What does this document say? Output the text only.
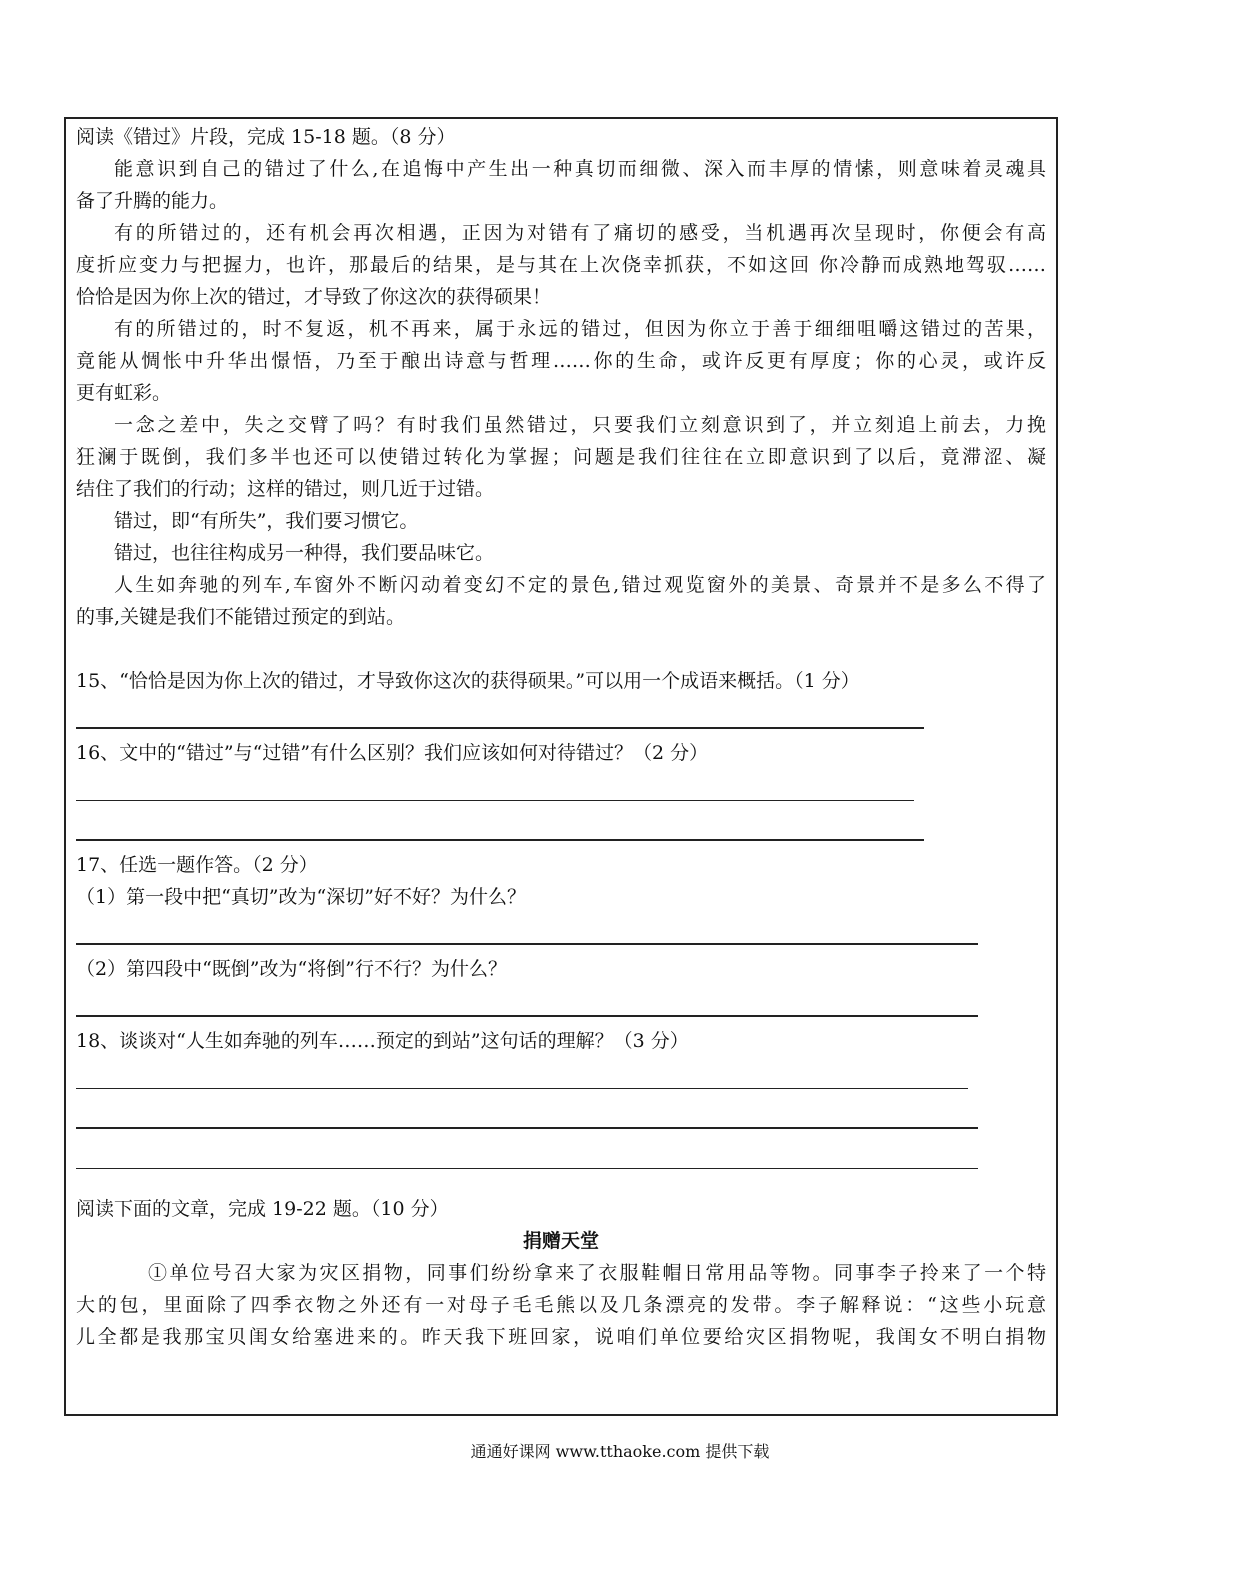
阅读《错过》片段，完成 15-18 题。（8 分）
能意识到自己的错过了什么,在追悔中产生出一种真切而细微、深入而丰厚的情愫，则意味着灵魂具
备了升腾的能力。
有的所错过的，还有机会再次相遇，正因为对错有了痛切的感受，当机遇再次呈现时，你便会有高
度折应变力与把握力，也许，那最后的结果，是与其在上次侥幸抓获，不如这回 你冷静而成熟地驾驭……
恰恰是因为你上次的错过，才导致了你这次的获得硕果！
有的所错过的，时不复返，机不再来，属于永远的错过，但因为你立于善于细细咀嚼这错过的苦果，
竟能从惆怅中升华出憬悟，乃至于酿出诗意与哲理……你的生命，或许反更有厚度；你的心灵，或许反
更有虹彩。
一念之差中，失之交臂了吗？有时我们虽然错过，只要我们立刻意识到了，并立刻追上前去，力挽
狂澜于既倒，我们多半也还可以使错过转化为掌握；问题是我们往往在立即意识到了以后，竟滞涩、凝
结住了我们的行动；这样的错过，则几近于过错。
错过，即“有所失”，我们要习惯它。
错过，也往往构成另一种得，我们要品味它。
人生如奔驰的列车,车窗外不断闪动着变幻不定的景色,错过观览窗外的美景、奇景并不是多么不得了
的事,关键是我们不能错过预定的到站。
15、“恰恰是因为你上次的错过，才导致你这次的获得硕果。”可以用一个成语来概括。（1 分）
16、文中的“错过”与“过错”有什么区别？我们应该如何对待错过？（2 分）
17、任选一题作答。（2 分）
（1）第一段中把“真切”改为“深切”好不好？为什么？
（2）第四段中“既倒”改为“将倒”行不行？为什么？
18、谈谈对“人生如奔驰的列车……预定的到站”这句话的理解？（3 分）
阅读下面的文章，完成 19-22 题。（10 分）
捐赠天堂
①单位号召大家为灾区捐物，同事们纷纷拿来了衣服鞋帽日常用品等物。同事李子拎来了一个特
大的包，里面除了四季衣物之外还有一对母子毛毛熊以及几条漂亮的发带。李子解释说：“这些小玩意
儿全都是我那宝贝闺女给塞进来的。昨天我下班回家，说咱们单位要给灾区捐物呢，我闺女不明白捐物
通通好课网 www.tthaoke.com 提供下载
